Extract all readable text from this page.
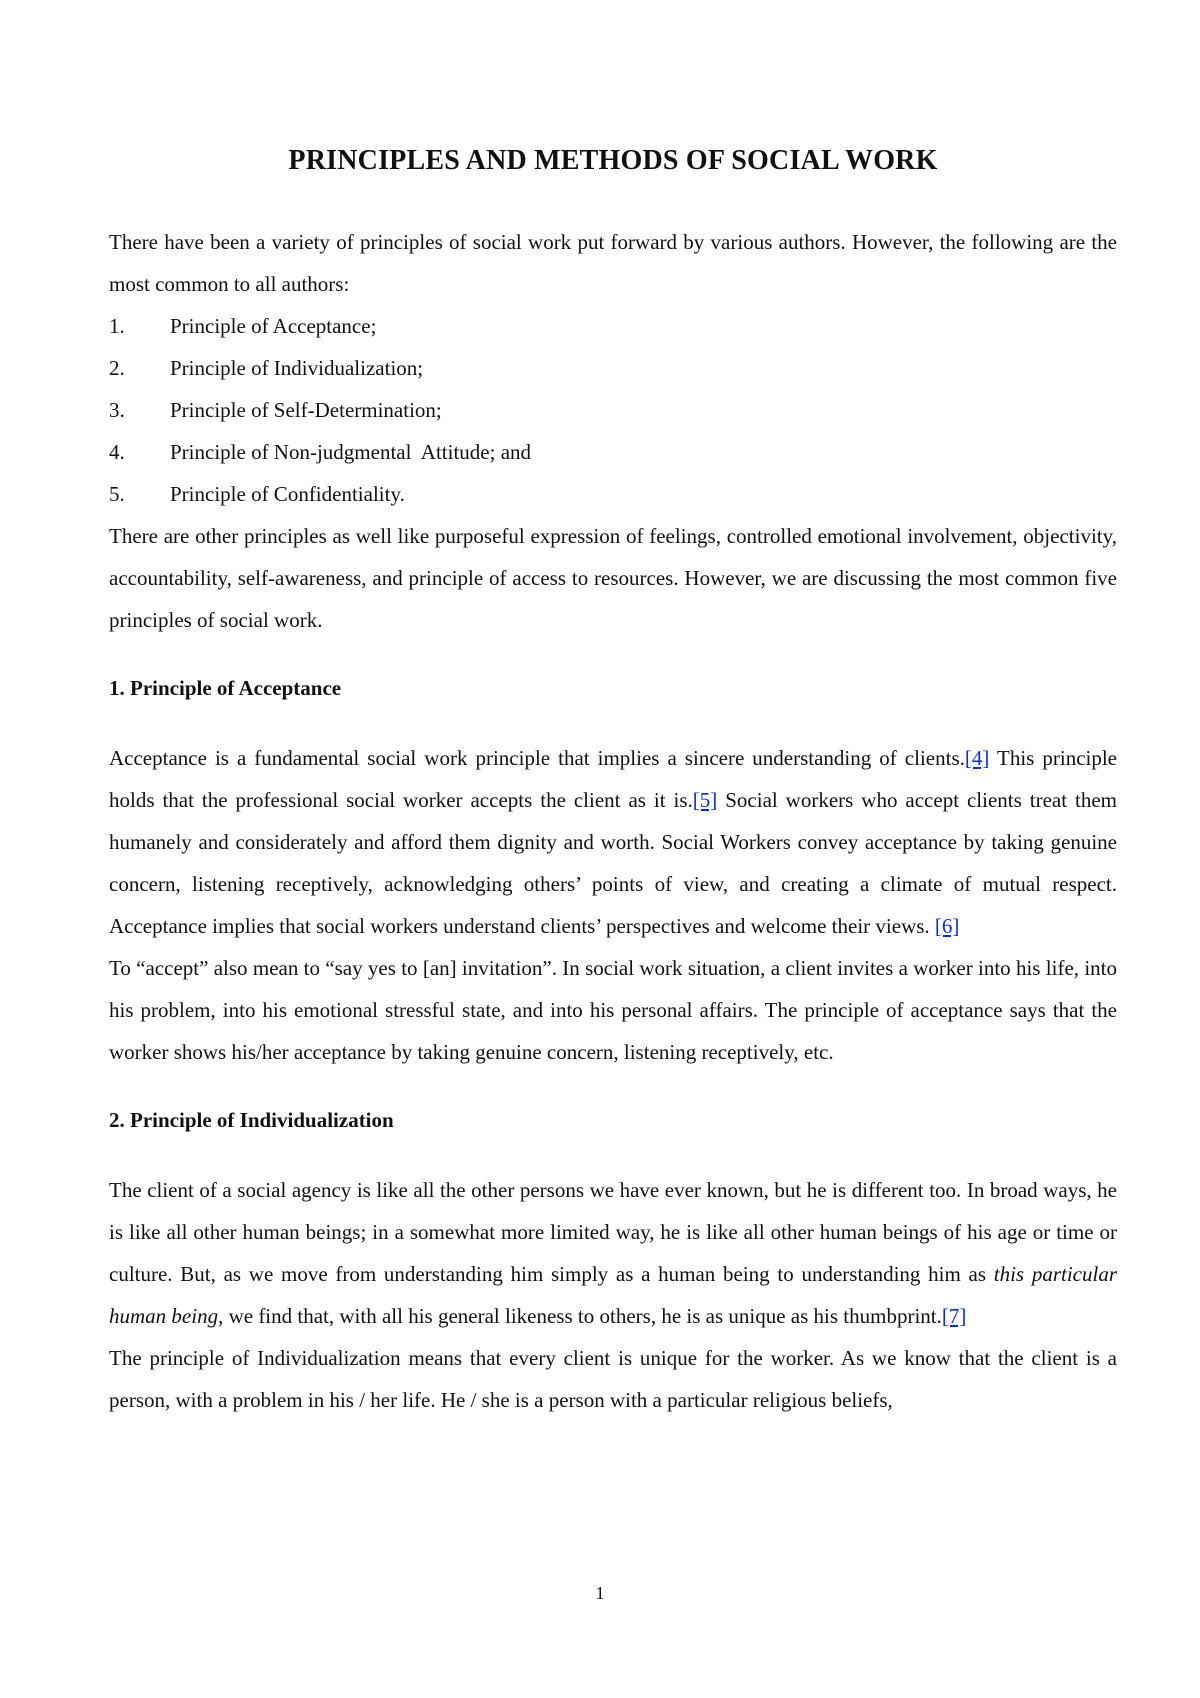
PRINCIPLES AND METHODS OF SOCIAL WORK

There have been a variety of principles of social work put forward by various authors. However, the following are the most common to all authors:

1.	Principle of Acceptance;
2.	Principle of Individualization;
3.	Principle of Self-Determination;
4.	Principle of Non-judgmental  Attitude; and
5.	Principle of Confidentiality.

There are other principles as well like purposeful expression of feelings, controlled emotional involvement, objectivity, accountability, self-awareness, and principle of access to resources. However, we are discussing the most common five principles of social work.

1. Principle of Acceptance

Acceptance is a fundamental social work principle that implies a sincere understanding of clients.[4] This principle holds that the professional social worker accepts the client as it is.[5] Social workers who accept clients treat them humanely and considerately and afford them dignity and worth. Social Workers convey acceptance by taking genuine concern, listening receptively, acknowledging others’ points of view, and creating a climate of mutual respect. Acceptance implies that social workers understand clients’ perspectives and welcome their views. [6]

To “accept” also mean to “say yes to [an] invitation”. In social work situation, a client invites a worker into his life, into his problem, into his emotional stressful state, and into his personal affairs. The principle of acceptance says that the worker shows his/her acceptance by taking genuine concern, listening receptively, etc.

2. Principle of Individualization

The client of a social agency is like all the other persons we have ever known, but he is different too. In broad ways, he is like all other human beings; in a somewhat more limited way, he is like all other human beings of his age or time or culture. But, as we move from understanding him simply as a human being to understanding him as this particular human being, we find that, with all his general likeness to others, he is as unique as his thumbprint.[7]

The principle of Individualization means that every client is unique for the worker. As we know that the client is a person, with a problem in his / her life. He / she is a person with a particular religious beliefs,

1
